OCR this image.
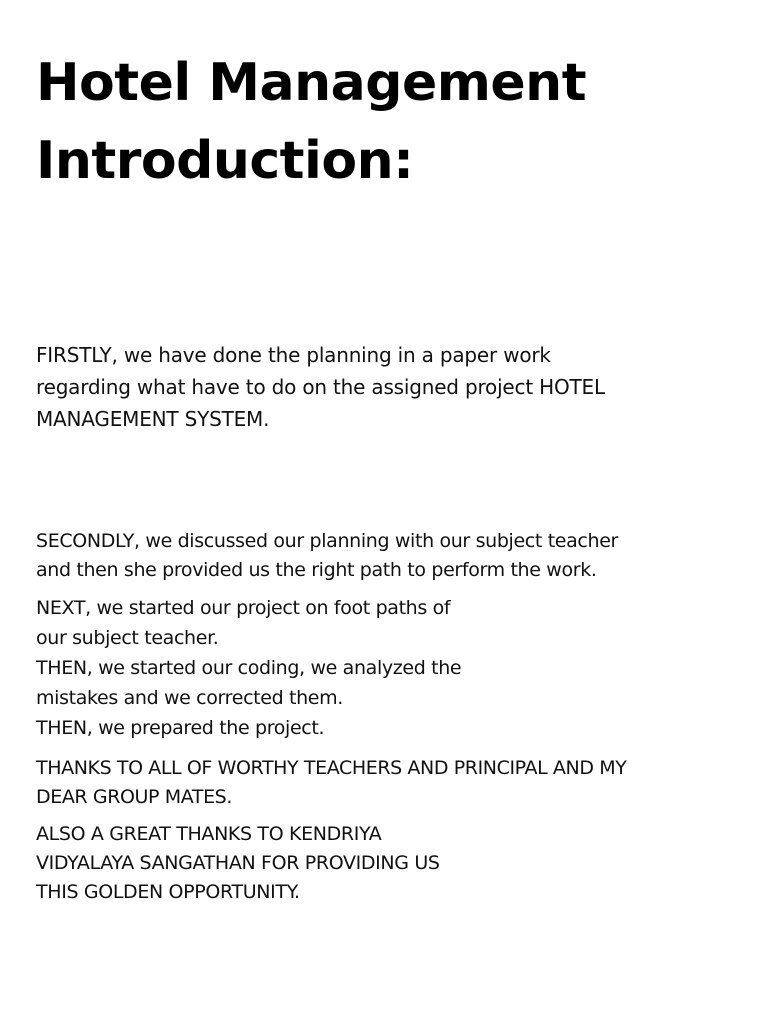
Hotel Management
Introduction:

FIRSTLY, we have done the planning in a paper work
regarding what have to do on the assigned project HOTEL
MANAGEMENT SYSTEM.

SECONDLY, we discussed our planning with our subject teacher
and then she provided us the right path to perform the work.

NEXT, we started our project on foot paths of
our subject teacher.
THEN, we started our coding, we analyzed the
mistakes and we corrected them.
THEN, we prepared the project.

THANKS TO ALL OF WORTHY TEACHERS AND PRINCIPAL AND MY
DEAR GROUP MATES.

ALSO A GREAT THANKS TO KENDRIYA
VIDYALAYA SANGATHAN FOR PROVIDING US
THIS GOLDEN OPPORTUNITY.
